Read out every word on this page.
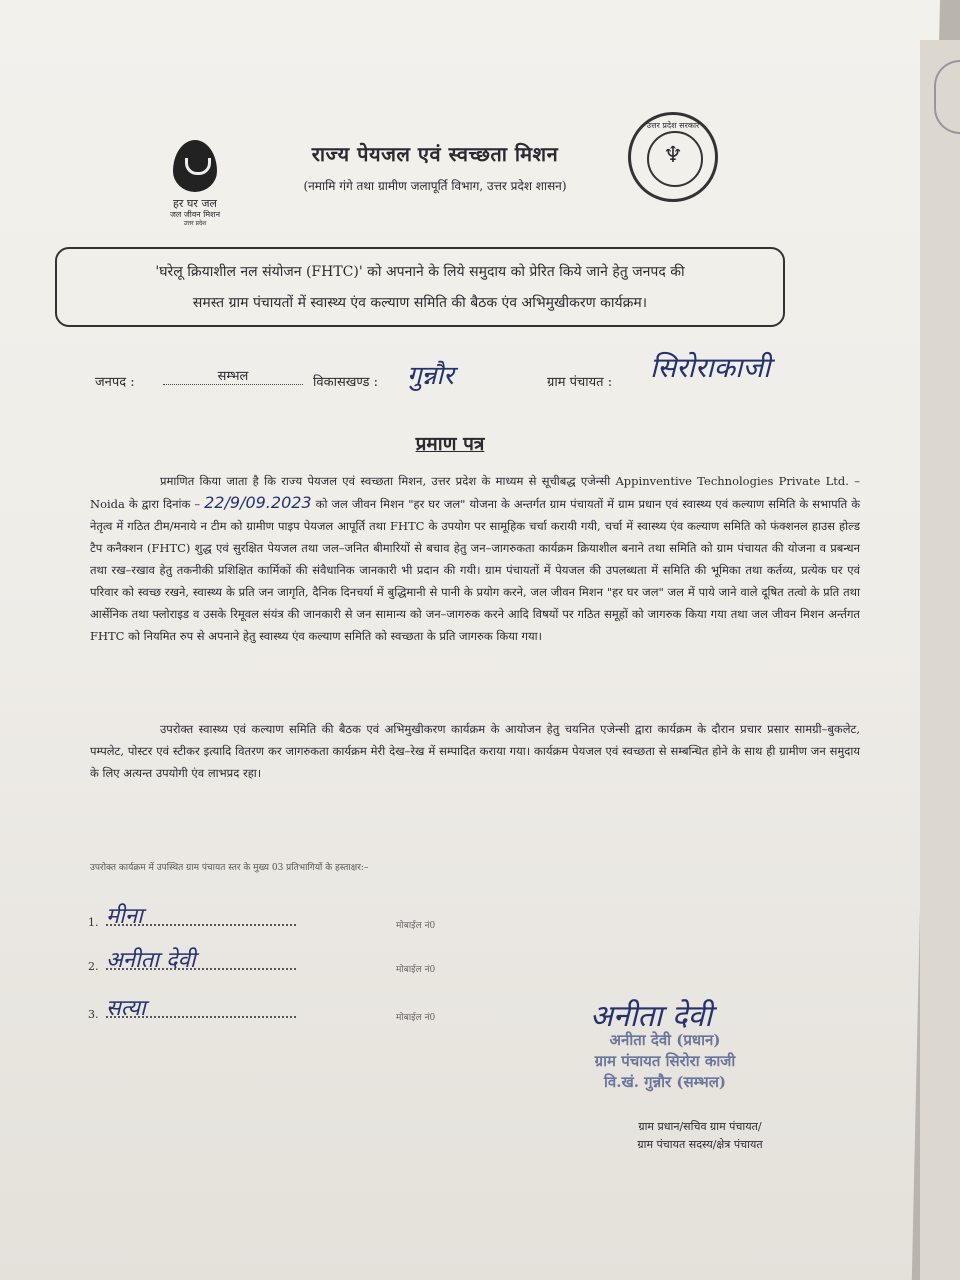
हर घर जल
जल जीवन मिशन
उत्तर प्रदेश
राज्य पेयजल एवं स्वच्छता मिशन
(नमामि गंगे तथा ग्रामीण जलापूर्ति विभाग, उत्तर प्रदेश शासन)
उत्तर प्रदेश सरकार
♆
'घरेलू क्रियाशील नल संयोजन (FHTC)' को अपनाने के लिये समुदाय को प्रेरित किये जाने हेतु जनपद की
समस्त ग्राम पंचायतों में स्वास्थ्य एंव कल्याण समिति की बैठक एंव अभिमुखीकरण कार्यक्रम।
जनपद :	सम्भल	विकासखण्ड : गुन्नौर	ग्राम पंचायत : सिरोराकाजी
प्रमाण पत्र
प्रमाणित किया जाता है कि राज्य पेयजल एवं स्वच्छता मिशन, उत्तर प्रदेश के माध्यम से सूचीबद्ध एजेन्सी Appinventive Technologies Private Ltd. – Noida के द्वारा दिनांक – 22/9/09.2023 को जल जीवन मिशन "हर घर जल" योजना के अन्तर्गत ग्राम पंचायतों में ग्राम प्रधान एवं स्वास्थ्य एवं कल्याण समिति के सभापति के नेतृत्व में गठित टीम/मनाये न टीम को ग्रामीण पाइप पेयजल आपूर्ति तथा FHTC के उपयोग पर सामूहिक चर्चा करायी गयी, चर्चा में स्वास्थ्य एंव कल्याण समिति को फंक्शनल हाउस होल्ड टैप कनैक्शन (FHTC) शुद्ध एवं सुरक्षित पेयजल तथा जल–जनित बीमारियों से बचाव हेतु जन–जागरुकता कार्यक्रम क्रियाशील बनाने तथा समिति को ग्राम पंचायत की योजना व प्रबन्धन तथा रख–रखाव हेतु तकनीकी प्रशिक्षित कार्मिकों की संवैधानिक जानकारी भी प्रदान की गयी। ग्राम पंचायतों में पेयजल की उपलब्धता में समिति की भूमिका तथा कर्तव्य, प्रत्येक घर एवं परिवार को स्वच्छ रखने, स्वास्थ्य के प्रति जन जागृति, दैनिक दिनचर्या में बुद्धिमानी से पानी के प्रयोग करने, जल जीवन मिशन "हर घर जल" जल में पाये जाने वाले दूषित तत्वो के प्रति तथा आर्सेनिक तथा फ्लोराइड व उसके रिमूवल संयंत्र की जानकारी से जन सामान्य को जन–जागरुक करने आदि विषयों पर गठित समूहों को जागरुक किया गया तथा जल जीवन मिशन अर्न्तगत FHTC को नियमित रुप से अपनाने हेतु स्वास्थ्य एंव कल्याण समिति को स्वच्छता के प्रति जागरुक किया गया।
उपरोक्त स्वास्थ्य एवं कल्याण समिति की बैठक एवं अभिमुखीकरण कार्यक्रम के आयोजन हेतु चयनित एजेन्सी द्वारा कार्यक्रम के दौरान प्रचार प्रसार सामग्री–बुकलेट, पम्पलेट, पोस्टर एवं स्टीकर इत्यादि वितरण कर जागरुकता कार्यक्रम मेरी देख–रेख में सम्पादित कराया गया। कार्यक्रम पेयजल एवं स्वच्छता से सम्बन्धित होने के साथ ही ग्रामीण जन समुदाय के लिए अत्यन्त उपयोगी एंव लाभप्रद रहा।
उपरोक्त कार्यक्रम में उपस्थित ग्राम पंचायत स्तर के मुख्य 03 प्रतिभागियों के हस्ताक्षर:–
1. मीना	मोबाईल नं0
2. अनीता देवी	मोबाईल नं0
3. सत्या	मोबाईल नं0	अनीता देवी
अनीता देवी (प्रधान)
ग्राम पंचायत सिरोरा काजी
वि.खं. गुन्नौर (सम्भल)
ग्राम प्रधान/सचिव ग्राम पंचायत/
ग्राम पंचायत सदस्य/क्षेत्र पंचायत
